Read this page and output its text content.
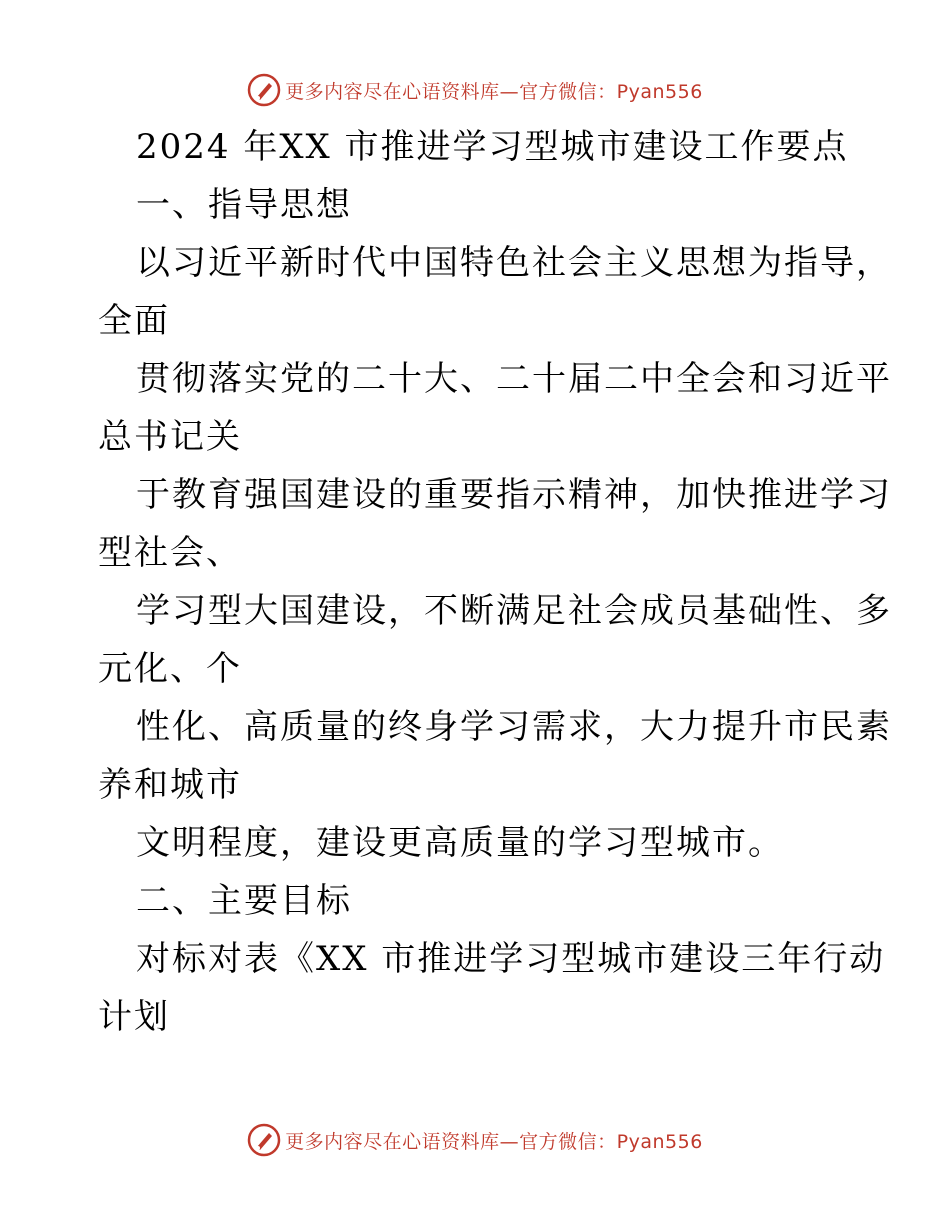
更多内容尽在心语资料库—官方微信：Pyan556
2024 年XX 市推进学习型城市建设工作要点
一、指导思想
以习近平新时代中国特色社会主义思想为指导，
全面
贯彻落实党的二十大、二十届二中全会和习近平
总书记关
于教育强国建设的重要指示精神，加快推进学习
型社会、
学习型大国建设，不断满足社会成员基础性、多
元化、个
性化、高质量的终身学习需求，大力提升市民素
养和城市
文明程度，建设更高质量的学习型城市。
二、主要目标
对标对表《XX 市推进学习型城市建设三年行动
计划
更多内容尽在心语资料库—官方微信：Pyan556
